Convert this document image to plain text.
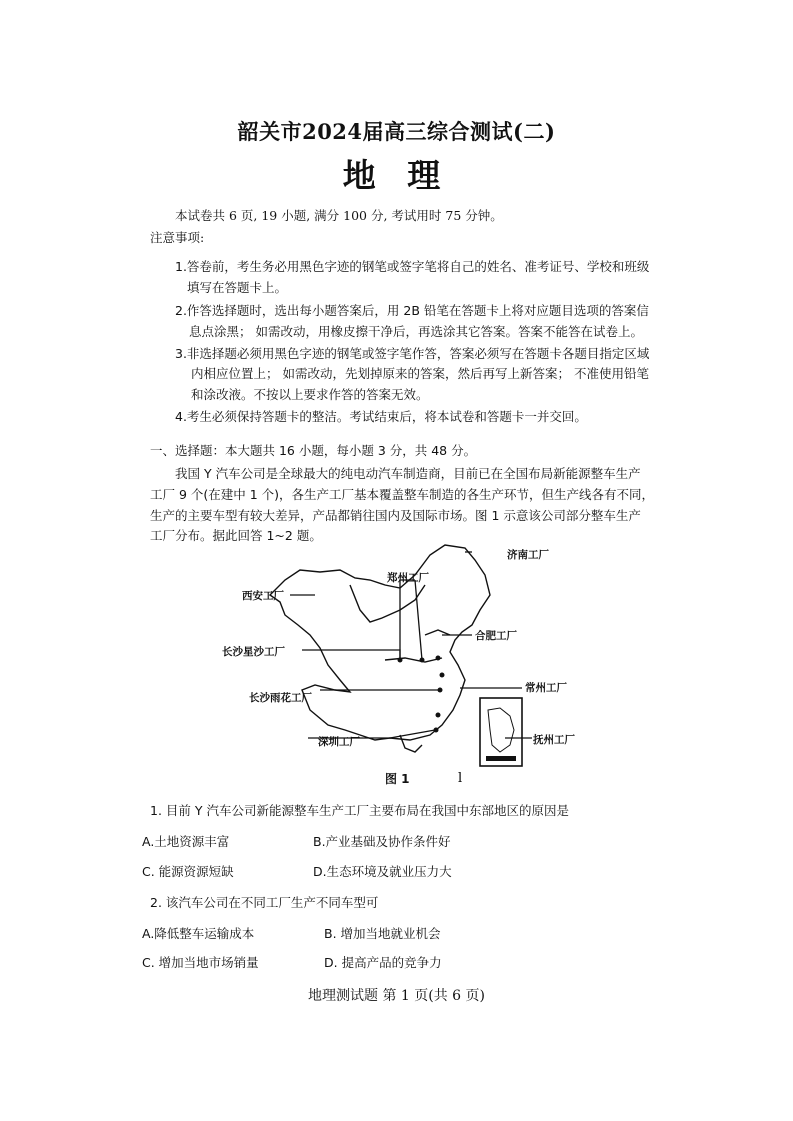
韶关市2024届高三综合测试(二)
地 理
本试卷共 6 页, 19 小题, 满分 100 分, 考试用时 75 分钟。
注意事项:
1.答卷前，考生务必用黑色字迹的钢笔或签字笔将自己的姓名、准考证号、学校和班级
填写在答题卡上。
2.作答选择题时，选出每小题答案后，用 2B 铅笔在答题卡上将对应题目选项的答案信
息点涂黑； 如需改动，用橡皮擦干净后，再选涂其它答案。答案不能答在试卷上。
3.非选择题必须用黑色字迹的钢笔或签字笔作答，答案必须写在答题卡各题目指定区域
内相应位置上； 如需改动，先划掉原来的答案，然后再写上新答案； 不准使用铅笔
和涂改液。不按以上要求作答的答案无效。
4.考生必须保持答题卡的整洁。考试结束后，将本试卷和答题卡一并交回。
一、选择题：本大题共 16 小题，每小题 3 分，共 48 分。
我国 Y 汽车公司是全球最大的纯电动汽车制造商，目前已在全国布局新能源整车生产
工厂 9 个(在建中 1 个)，各生产工厂基本覆盖整车制造的各生产环节，但生产线各有不同，
生产的主要车型有较大差异，产品都销往国内及国际市场。图 1 示意该公司部分整车生产
工厂分布。据此回答 1~2 题。
l
济南工厂
郑州工厂
西安工厂
合肥工厂
长沙星沙工厂
常州工厂
长沙雨花工厂
深圳工厂	抚州工厂
图 1
1. 目前 Y 汽车公司新能源整车生产工厂主要布局在我国中东部地区的原因是
A.土地资源丰富	B.产业基础及协作条件好
C. 能源资源短缺	D.生态环境及就业压力大
2. 该汽车公司在不同工厂生产不同车型可
A.降低整车运输成本	B. 增加当地就业机会
C. 增加当地市场销量	D. 提高产品的竞争力
地理测试题 第 1 页(共 6 页)
